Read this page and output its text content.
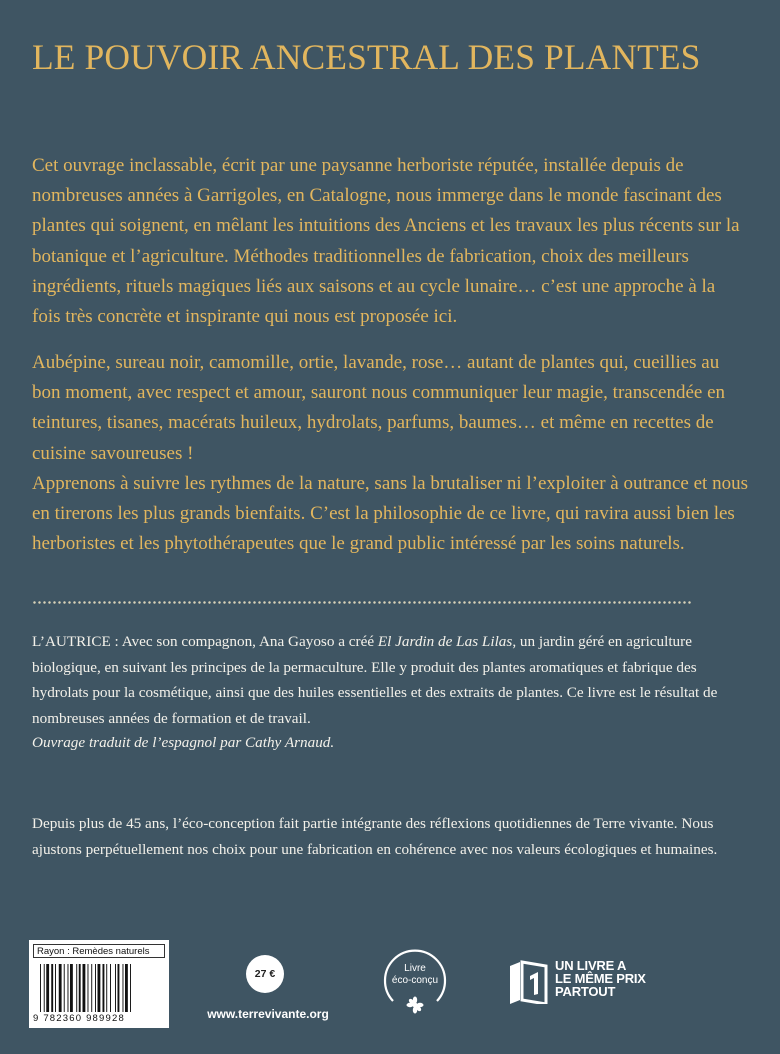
LE POUVOIR ANCESTRAL DES PLANTES

Cet ouvrage inclassable, écrit par une paysanne herboriste réputée, installée depuis de nombreuses années à Garrigoles, en Catalogne, nous immerge dans le monde fascinant des plantes qui soignent, en mêlant les intuitions des Anciens et les travaux les plus récents sur la botanique et l’agriculture. Méthodes traditionnelles de fabrication, choix des meilleurs ingrédients, rituels magiques liés aux saisons et au cycle lunaire… c’est une approche à la fois très concrète et inspirante qui nous est proposée ici.

Aubépine, sureau noir, camomille, ortie, lavande, rose… autant de plantes qui, cueillies au bon moment, avec respect et amour, sauront nous communiquer leur magie, transcendée en teintures, tisanes, macérats huileux, hydrolats, parfums, baumes… et même en recettes de cuisine savoureuses !

Apprenons à suivre les rythmes de la nature, sans la brutaliser ni l’exploiter à outrance et nous en tirerons les plus grands bienfaits. C’est la philosophie de ce livre, qui ravira aussi bien les herboristes et les phytothérapeutes que le grand public intéressé par les soins naturels.

L’AUTRICE : Avec son compagnon, Ana Gayoso a créé El Jardin de Las Lilas, un jardin géré en agriculture biologique, en suivant les principes de la permaculture. Elle y produit des plantes aromatiques et fabrique des hydrolats pour la cosmétique, ainsi que des huiles essentielles et des extraits de plantes. Ce livre est le résultat de nombreuses années de formation et de travail.

Ouvrage traduit de l’espagnol par Cathy Arnaud.

Depuis plus de 45 ans, l’éco-conception fait partie intégrante des réflexions quotidiennes de Terre vivante. Nous ajustons perpétuellement nos choix pour une fabrication en cohérence avec nos valeurs écologiques et humaines.

Rayon : Remèdes naturels
9 782360 989928
27 €
www.terrevivante.org
Livre
éco-conçu
UN LIVRE A
LE MÊME PRIX
PARTOUT
